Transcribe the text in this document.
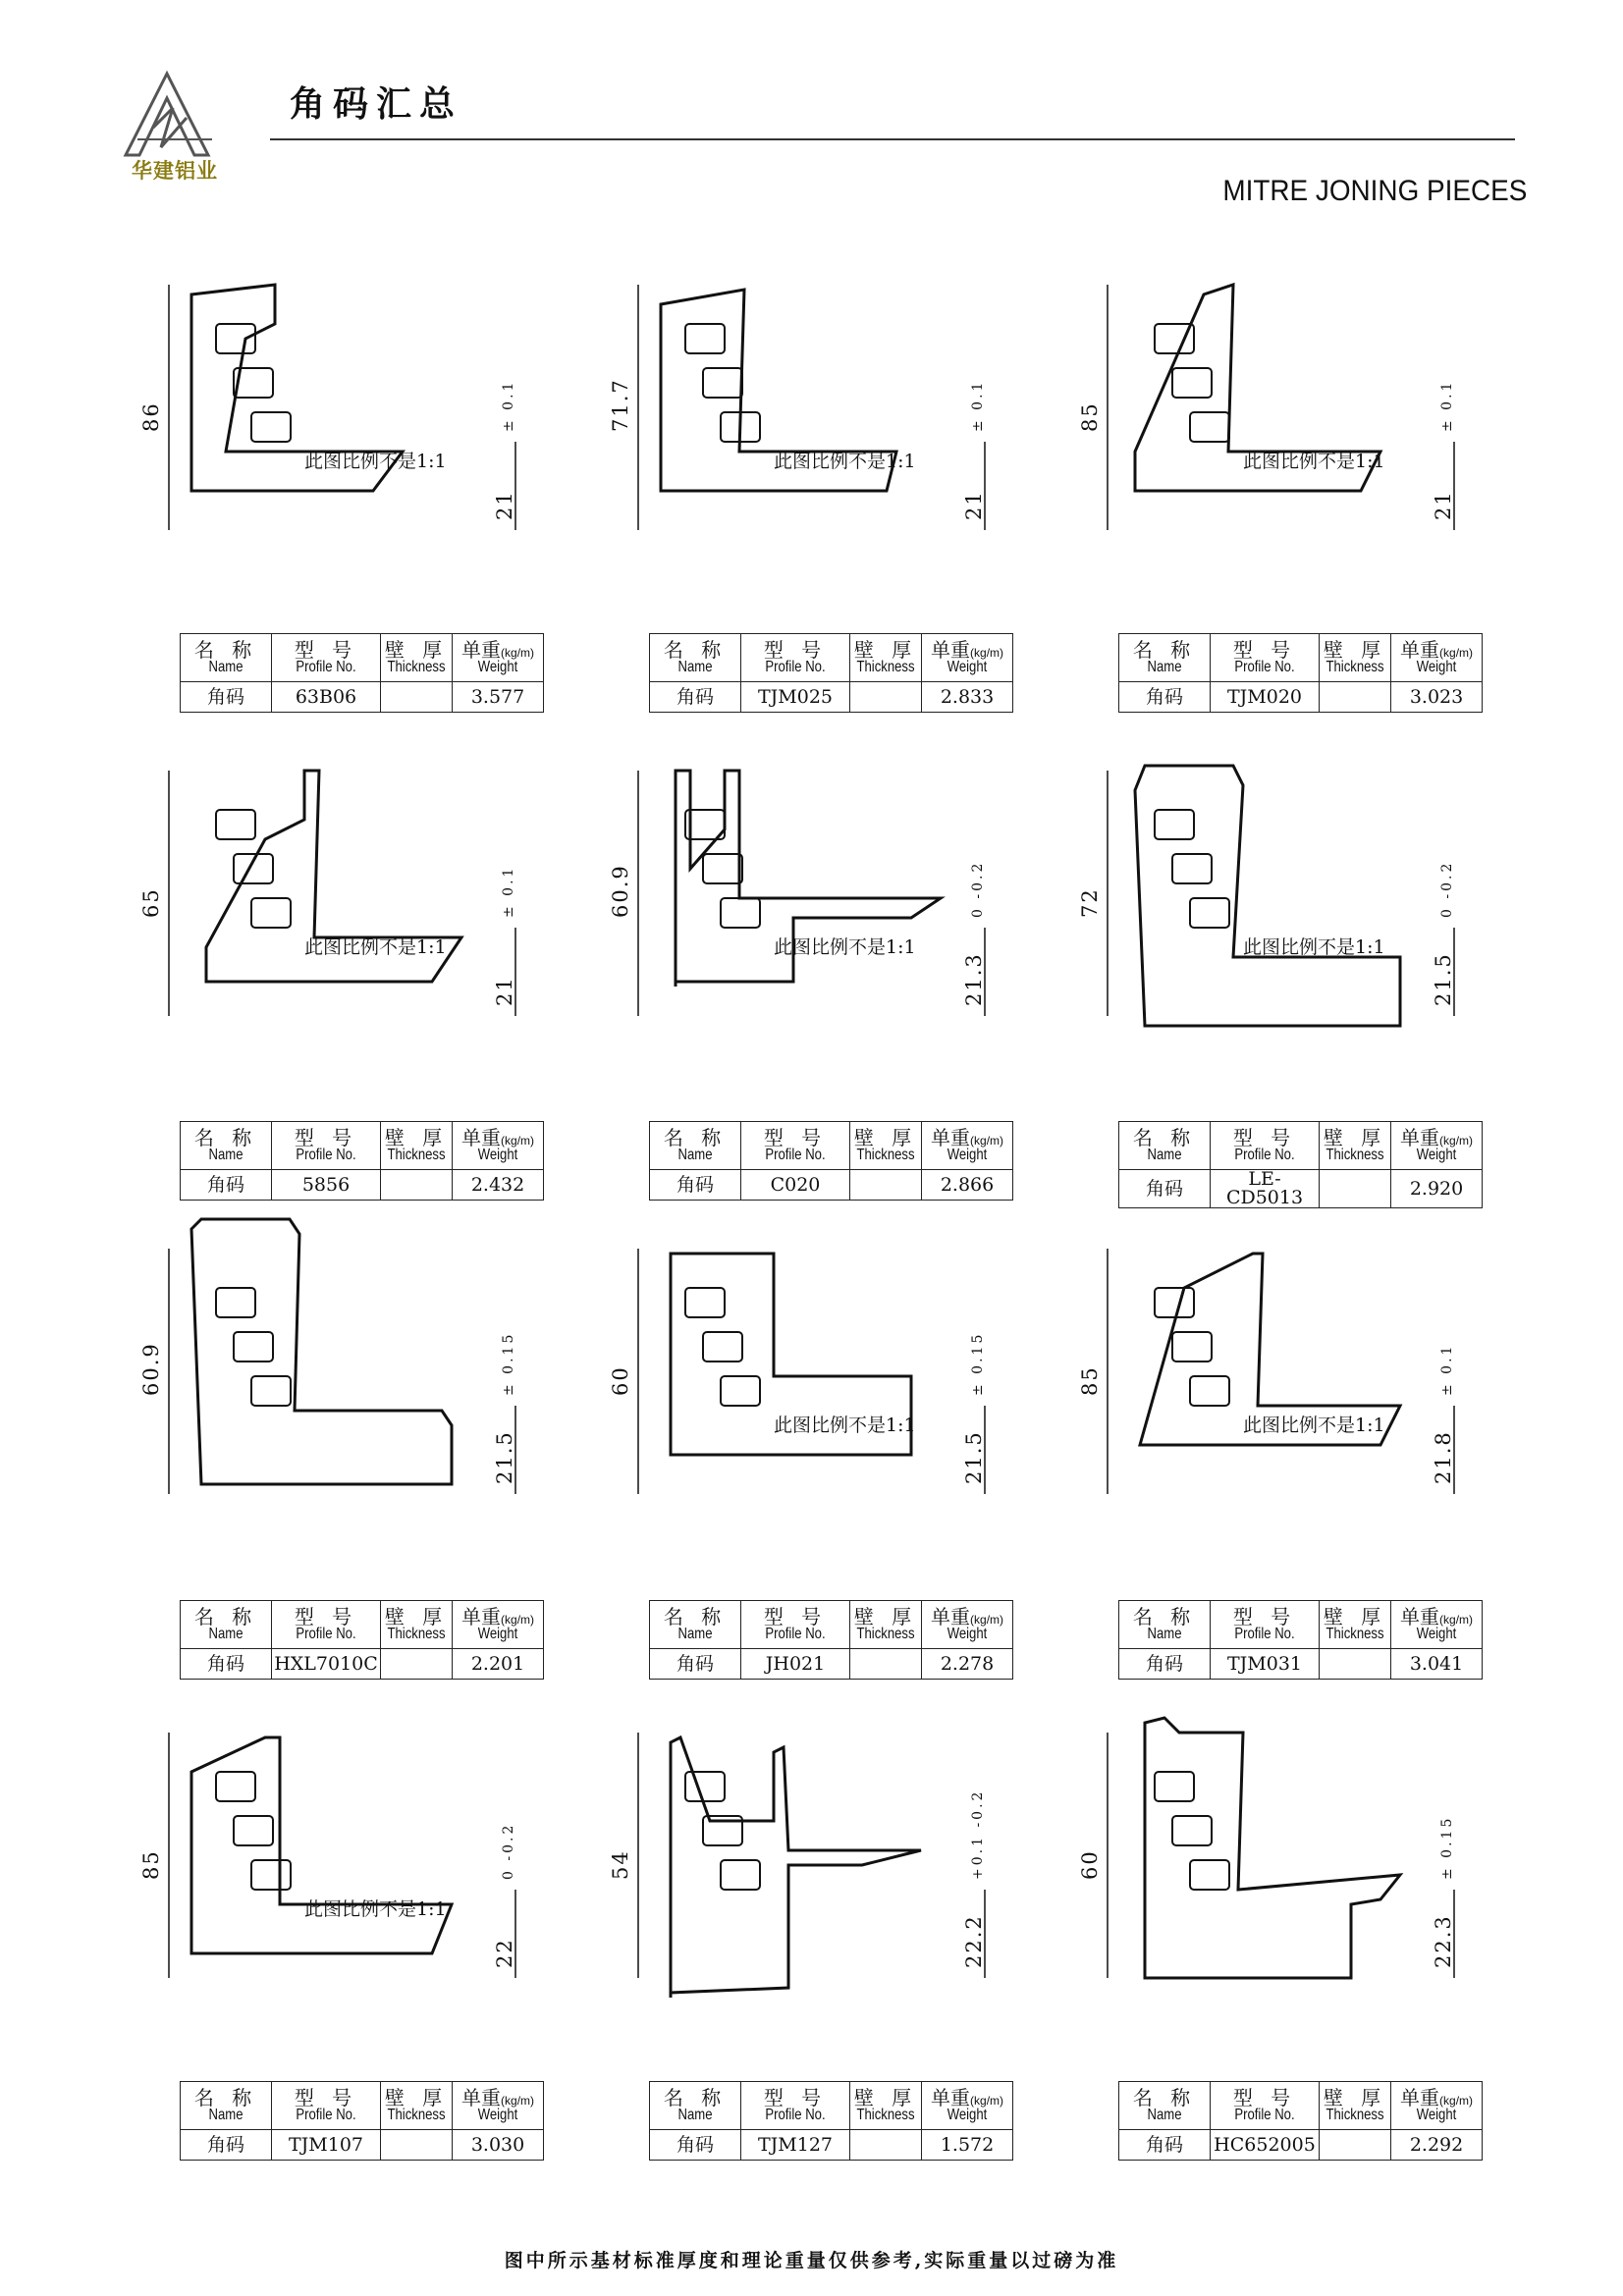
华建铝业
角码汇总
MITRE JONING PIECES
86
21
± 0.1
此图比例不是1:1
71.7
21
± 0.1
此图比例不是1:1
85
21
± 0.1
此图比例不是1:1
65
21
± 0.1
此图比例不是1:1
60.9
21.3
0 -0.2
此图比例不是1:1
72
21.5
0 -0.2
此图比例不是1:1
60.9
21.5
± 0.15	60
21.5
± 0.15
此图比例不是1:1
85
21.8
± 0.1
此图比例不是1:1
85
22
0 -0.2
此图比例不是1:1
54
22.2
+0.1 -0.2	60
22.3
± 0.15
图中所示基材标准厚度和理论重量仅供参考,实际重量以过磅为准
名 称
Name	型 号
Profile No.	壁 厚
Thickness	单重(kg/m)
Weight

角码	63B06		3.577
名 称
Name	型 号
Profile No.	壁 厚
Thickness	单重(kg/m)
Weight

角码	TJM025		2.833
名 称
Name	型 号
Profile No.	壁 厚
Thickness	单重(kg/m)
Weight

角码	TJM020		3.023
名 称
Name	型 号
Profile No.	壁 厚
Thickness	单重(kg/m)
Weight

角码	5856		2.432
名 称
Name	型 号
Profile No.	壁 厚
Thickness	单重(kg/m)
Weight

角码	C020		2.866
名 称
Name	型 号
Profile No.	壁 厚
Thickness	单重(kg/m)
Weight

角码	LE-CD5013		2.920
名 称
Name	型 号
Profile No.	壁 厚
Thickness	单重(kg/m)
Weight

角码	HXL7010C		2.201
名 称
Name	型 号
Profile No.	壁 厚
Thickness	单重(kg/m)
Weight

角码	JH021		2.278
名 称
Name	型 号
Profile No.	壁 厚
Thickness	单重(kg/m)
Weight

角码	TJM031		3.041
名 称
Name	型 号
Profile No.	壁 厚
Thickness	单重(kg/m)
Weight

角码	TJM107		3.030
名 称
Name	型 号
Profile No.	壁 厚
Thickness	单重(kg/m)
Weight

角码	TJM127		1.572
名 称
Name	型 号
Profile No.	壁 厚
Thickness	单重(kg/m)
Weight

角码	HC652005		2.292
